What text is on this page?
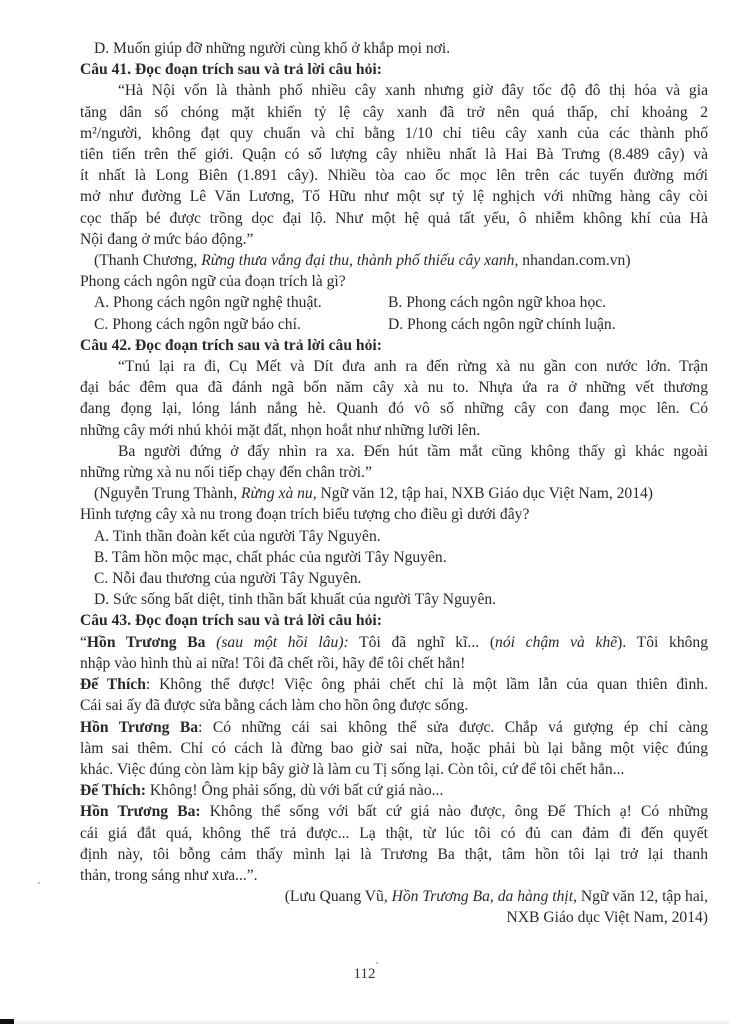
D. Muốn giúp đỡ những người cùng khổ ở khắp mọi nơi.
Câu 41. Đọc đoạn trích sau và trả lời câu hỏi:
“Hà Nội vốn là thành phố nhiều cây xanh nhưng giờ đây tốc độ đô thị hóa và gia
tăng dân số chóng mặt khiến tỷ lệ cây xanh đã trở nên quá thấp, chỉ khoảng 2
m²/người, không đạt quy chuẩn và chỉ bằng 1/10 chỉ tiêu cây xanh của các thành phố
tiên tiến trên thế giới. Quận có số lượng cây nhiều nhất là Hai Bà Trưng (8.489 cây) và
ít nhất là Long Biên (1.891 cây). Nhiều tòa cao ốc mọc lên trên các tuyến đường mới
mở như đường Lê Văn Lương, Tố Hữu như một sự tỷ lệ nghịch với những hàng cây còi
cọc thấp bé được trồng dọc đại lộ. Như một hệ quả tất yếu, ô nhiễm không khí của Hà
Nội đang ở mức báo động.”
(Thanh Chương, Rừng thưa vắng đại thu, thành phố thiếu cây xanh, nhandan.com.vn)
Phong cách ngôn ngữ của đoạn trích là gì?
A. Phong cách ngôn ngữ nghệ thuật.	B. Phong cách ngôn ngữ khoa học.
C. Phong cách ngôn ngữ báo chí.	D. Phong cách ngôn ngữ chính luận.
Câu 42. Đọc đoạn trích sau và trả lời câu hỏi:
“Tnú lại ra đi, Cụ Mết và Dít đưa anh ra đến rừng xà nu gần con nước lớn. Trận
đại bác đêm qua đã đánh ngã bốn năm cây xà nu to. Nhựa ứa ra ở những vết thương
đang đọng lại, lóng lánh nắng hè. Quanh đó vô số những cây con đang mọc lên. Có
những cây mới nhú khỏi mặt đất, nhọn hoắt như những lưỡi lên.
Ba người đứng ở đấy nhìn ra xa. Đến hút tầm mắt cũng không thấy gì khác ngoài
những rừng xà nu nối tiếp chạy đến chân trời.”
(Nguyễn Trung Thành, Rừng xà nu, Ngữ văn 12, tập hai, NXB Giáo dục Việt Nam, 2014)
Hình tượng cây xà nu trong đoạn trích biểu tượng cho điều gì dưới đây?
A. Tinh thần đoàn kết của người Tây Nguyên.
B. Tâm hồn mộc mạc, chất phác của người Tây Nguyên.
C. Nỗi đau thương của người Tây Nguyên.
D. Sức sống bất diệt, tinh thần bất khuất của người Tây Nguyên.
Câu 43. Đọc đoạn trích sau và trả lời câu hỏi:
“Hồn Trương Ba (sau một hồi lâu): Tôi đã nghĩ kĩ... (nói chậm và khẽ). Tôi không
nhập vào hình thù ai nữa! Tôi đã chết rồi, hãy để tôi chết hẳn!
Đế Thích: Không thể được! Việc ông phải chết chỉ là một lầm lẫn của quan thiên đình.
Cái sai ấy đã được sửa bằng cách làm cho hồn ông được sống.
Hồn Trương Ba: Có những cái sai không thể sửa được. Chắp vá gượng ép chỉ càng
làm sai thêm. Chỉ có cách là đừng bao giờ sai nữa, hoặc phải bù lại bằng một việc đúng
khác. Việc đúng còn làm kịp bây giờ là làm cu Tị sống lại. Còn tôi, cứ để tôi chết hẳn...
Đế Thích: Không! Ông phải sống, dù với bất cứ giá nào...
Hồn Trương Ba: Không thể sống với bất cứ giá nào được, ông Đế Thích ạ! Có những
cái giá đắt quá, không thể trả được... Lạ thật, từ lúc tôi có đủ can đảm đi đến quyết
định này, tôi bỗng cảm thấy mình lại là Trương Ba thật, tâm hồn tôi lại trở lại thanh
thản, trong sáng như xưa...”.
(Lưu Quang Vũ, Hồn Trương Ba, da hàng thịt, Ngữ văn 12, tập hai,
NXB Giáo dục Việt Nam, 2014)
112
